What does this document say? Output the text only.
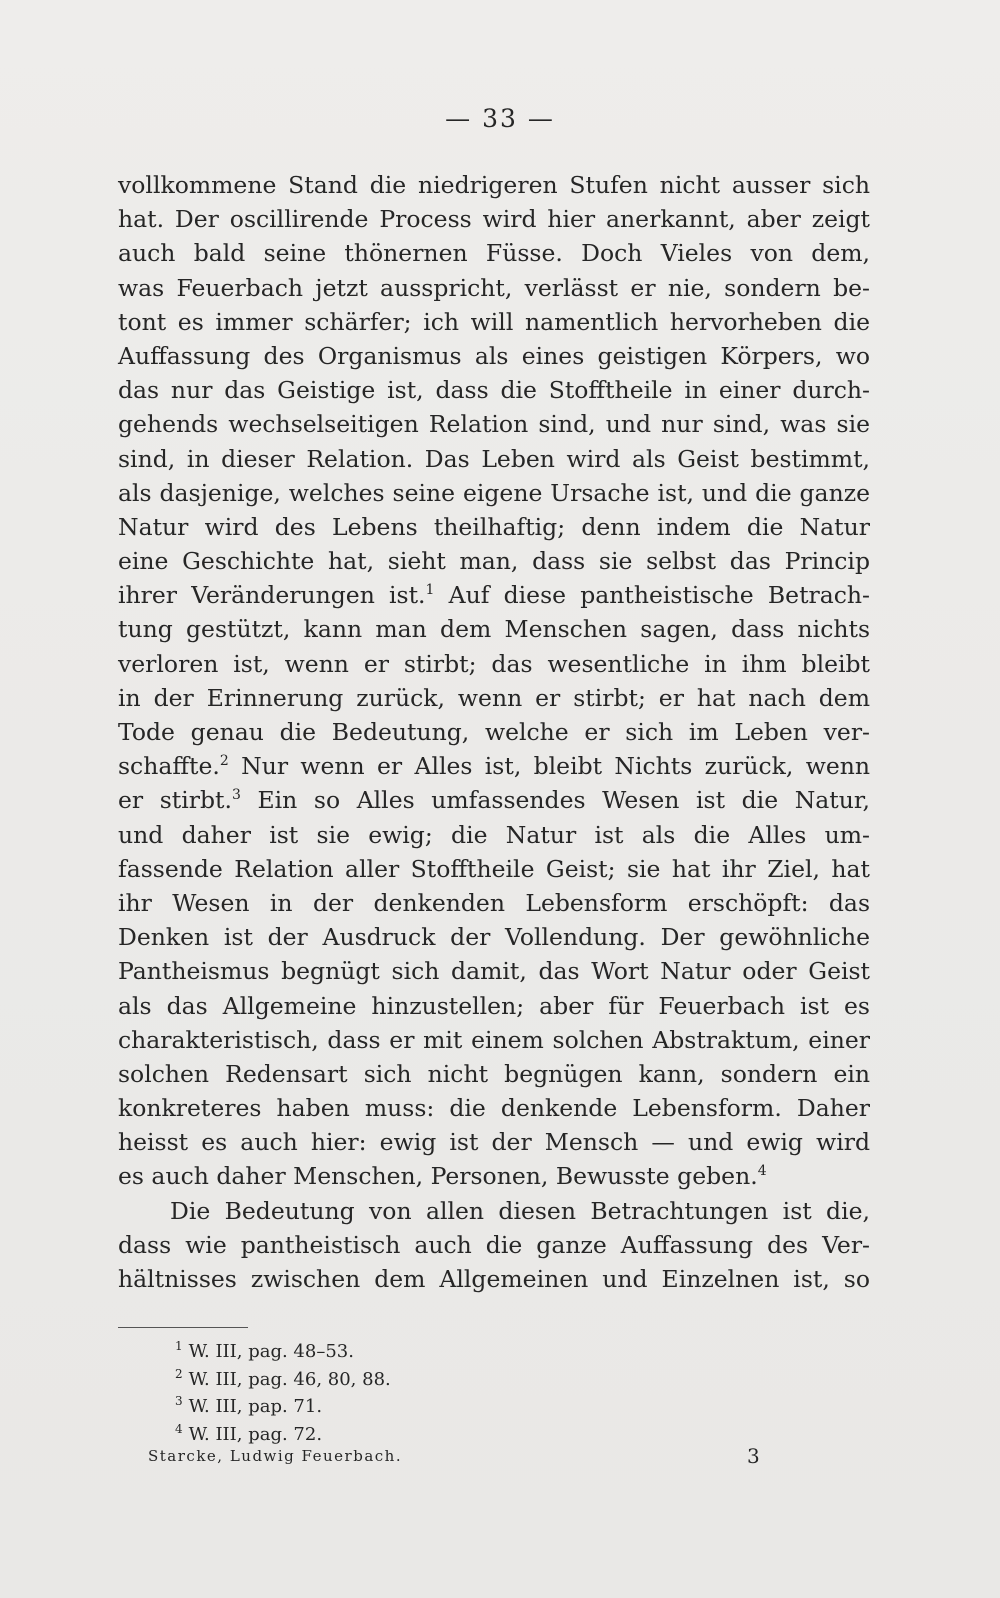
— 33 —
vollkommene Stand die niedrigeren Stufen nicht ausser sich
hat. Der oscillirende Process wird hier anerkannt, aber zeigt
auch bald seine thönernen Füsse. Doch Vieles von dem,
was Feuerbach jetzt ausspricht, verlässt er nie, sondern be-
tont es immer schärfer; ich will namentlich hervorheben die
Auffassung des Organismus als eines geistigen Körpers, wo
das nur das Geistige ist, dass die Stofftheile in einer durch-
gehends wechselseitigen Relation sind, und nur sind, was sie
sind, in dieser Relation. Das Leben wird als Geist bestimmt,
als dasjenige, welches seine eigene Ursache ist, und die ganze
Natur wird des Lebens theilhaftig; denn indem die Natur
eine Geschichte hat, sieht man, dass sie selbst das Princip
ihrer Veränderungen ist.$^1$ Auf diese pantheistische Betrach-
tung gestützt, kann man dem Menschen sagen, dass nichts
verloren ist, wenn er stirbt; das wesentliche in ihm bleibt
in der Erinnerung zurück, wenn er stirbt; er hat nach dem
Tode genau die Bedeutung, welche er sich im Leben ver-
schaffte.$^2$ Nur wenn er Alles ist, bleibt Nichts zurück, wenn
er stirbt.$^3$ Ein so Alles umfassendes Wesen ist die Natur,
und daher ist sie ewig; die Natur ist als die Alles um-
fassende Relation aller Stofftheile Geist; sie hat ihr Ziel, hat
ihr Wesen in der denkenden Lebensform erschöpft: das
Denken ist der Ausdruck der Vollendung. Der gewöhnliche
Pantheismus begnügt sich damit, das Wort Natur oder Geist
als das Allgemeine hinzustellen; aber für Feuerbach ist es
charakteristisch, dass er mit einem solchen Abstraktum, einer
solchen Redensart sich nicht begnügen kann, sondern ein
konkreteres haben muss: die denkende Lebensform. Daher
heisst es auch hier: ewig ist der Mensch — und ewig wird
es auch daher Menschen, Personen, Bewusste geben.$^4$
Die Bedeutung von allen diesen Betrachtungen ist die,
dass wie pantheistisch auch die ganze Auffassung des Ver-
hältnisses zwischen dem Allgemeinen und Einzelnen ist, so
$^1$ W. III, pag. 48–53.
$^2$ W. III, pag. 46, 80, 88.
$^3$ W. III, pap. 71.
$^4$ W. III, pag. 72.
Starcke, Ludwig Feuerbach.	3
